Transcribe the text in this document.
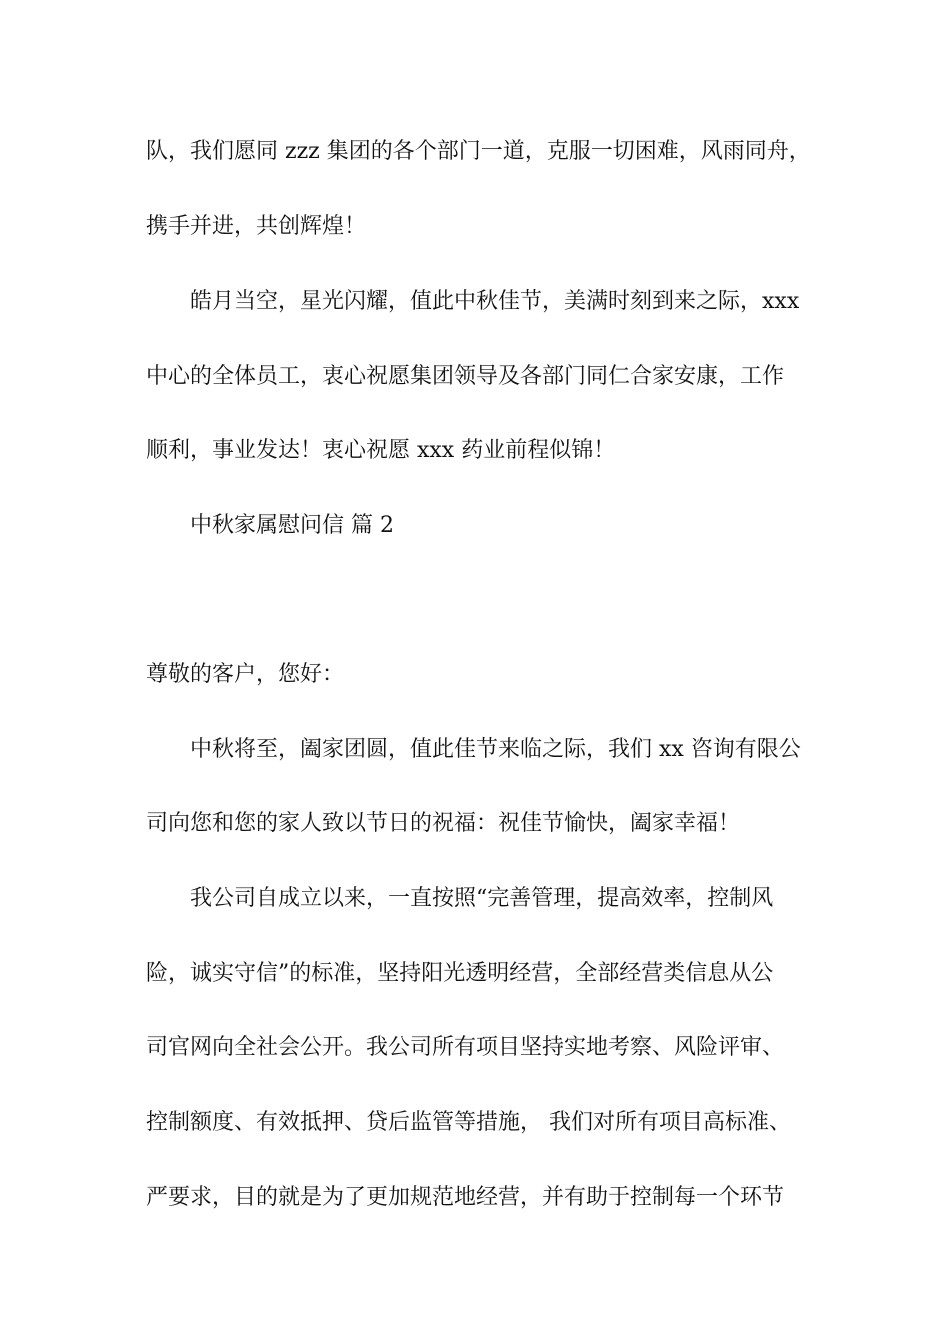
队，我们愿同 zzz 集团的各个部门一道，克服一切困难，风雨同舟，

携手并进，共创辉煌！

皓月当空，星光闪耀，值此中秋佳节，美满时刻到来之际，xxx

中心的全体员工，衷心祝愿集团领导及各部门同仁合家安康，工作

顺利，事业发达！衷心祝愿 xxx 药业前程似锦！

中秋家属慰问信 篇 2

尊敬的客户，您好：

中秋将至，阖家团圆，值此佳节来临之际，我们 xx 咨询有限公

司向您和您的家人致以节日的祝福：祝佳节愉快，阖家幸福！

我公司自成立以来，一直按照“完善管理，提高效率，控制风

险，诚实守信”的标准，坚持阳光透明经营，全部经营类信息从公

司官网向全社会公开。我公司所有项目坚持实地考察、风险评审、

控制额度、有效抵押、贷后监管等措施， 我们对所有项目高标准、

严要求，目的就是为了更加规范地经营，并有助于控制每一个环节
